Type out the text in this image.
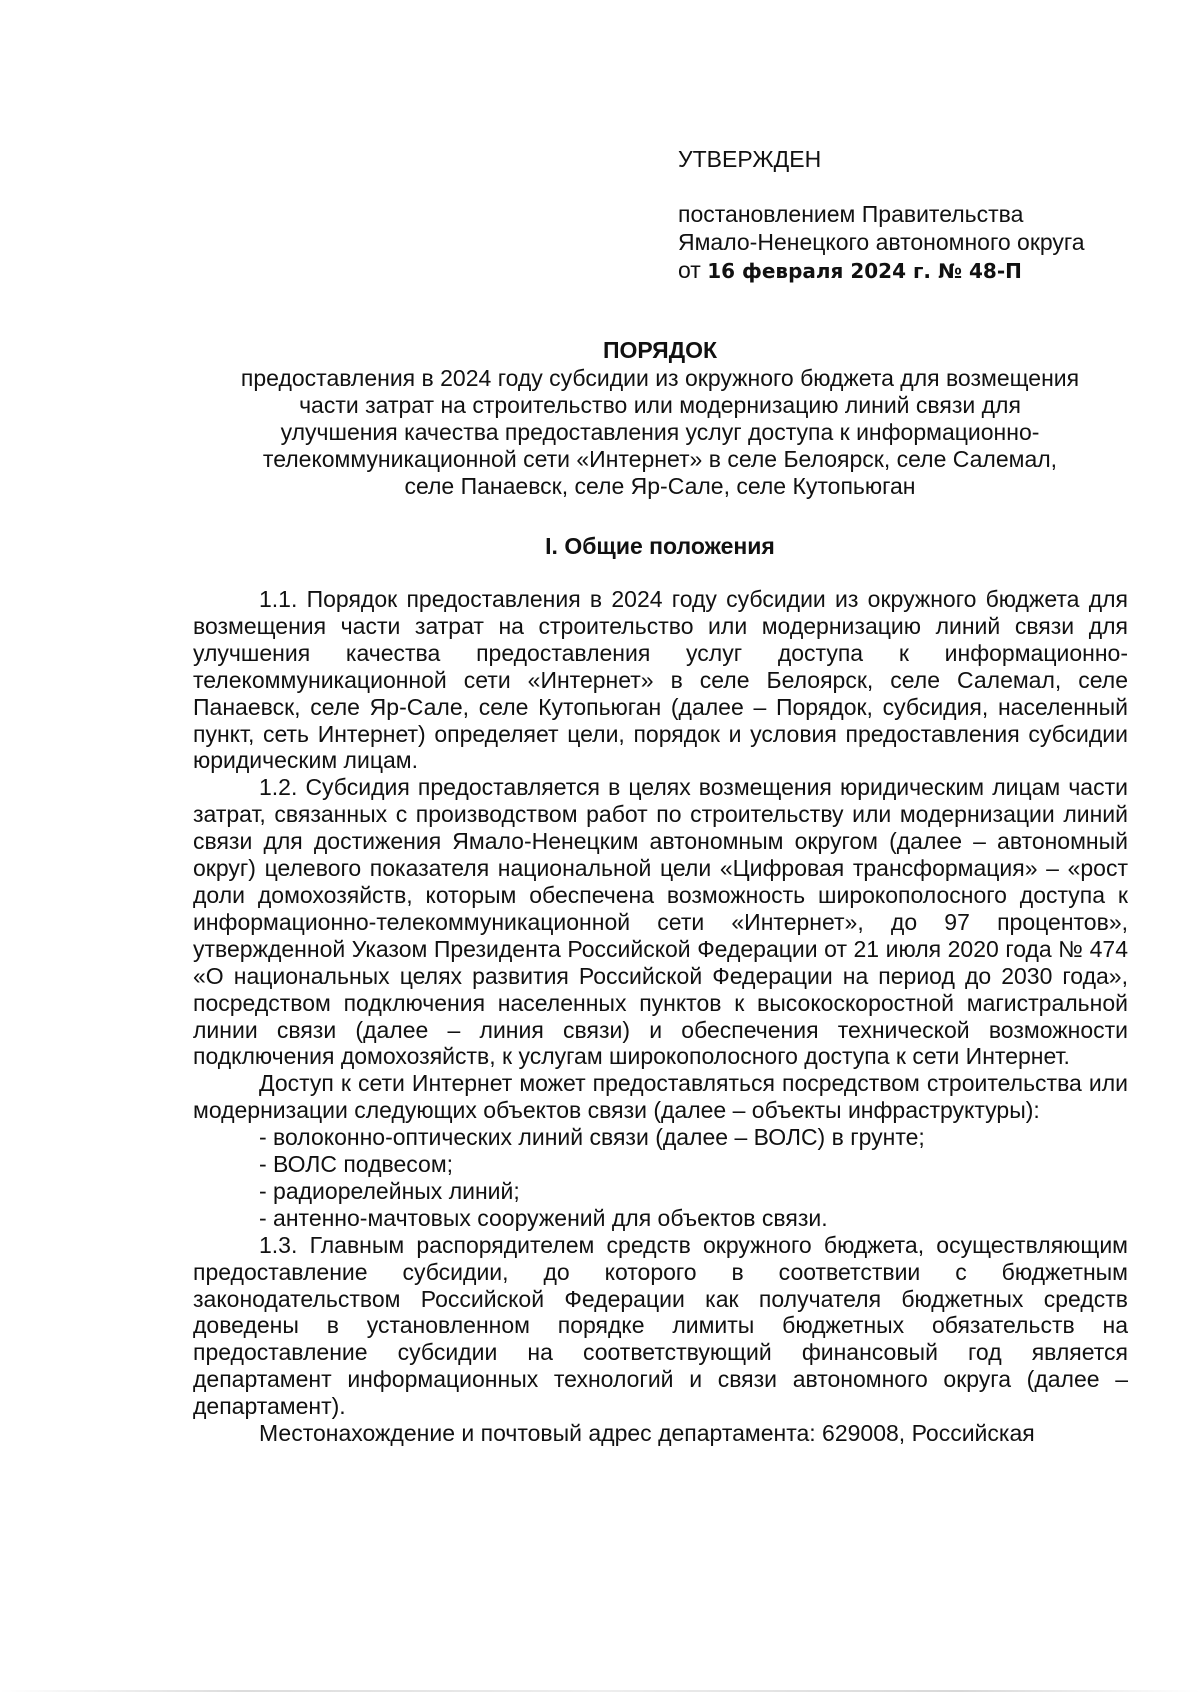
УТВЕРЖДЕН
постановлением Правительства
Ямало-Ненецкого автономного округа
от 16 февраля 2024 г. № 48-П
ПОРЯДОК
предоставления в 2024 году субсидии из окружного бюджета для возмещения
части затрат на строительство или модернизацию линий связи для
улучшения качества предоставления услуг доступа к информационно-
телекоммуникационной сети «Интернет» в селе Белоярск, селе Салемал,
селе Панаевск, селе Яр-Сале, селе Кутопьюган
I. Общие положения

1.1. Порядок предоставления в 2024 году субсидии из окружного бюджета для возмещения части затрат на строительство или модернизацию линий связи для улучшения качества предоставления услуг доступа к информационно-телекоммуникационной сети «Интернет» в селе Белоярск, селе Салемал, селе Панаевск, селе Яр-Сале, селе Кутопьюган (далее – Порядок, субсидия, населенный пункт, сеть Интернет) определяет цели, порядок и условия предоставления субсидии юридическим лицам.

1.2. Субсидия предоставляется в целях возмещения юридическим лицам части затрат, связанных с производством работ по строительству или модернизации линий связи для достижения Ямало-Ненецким автономным округом (далее – автономный округ) целевого показателя национальной цели «Цифровая трансформация» – «рост доли домохозяйств, которым обеспечена возможность широкополосного доступа к информационно-телекоммуникационной сети «Интернет», до 97 процентов», утвержденной Указом Президента Российской Федерации от 21 июля 2020 года № 474 «О национальных целях развития Российской Федерации на период до 2030 года», посредством подключения населенных пунктов к высокоскоростной магистральной линии связи (далее – линия связи) и обеспечения технической возможности подключения домохозяйств, к услугам широкополосного доступа к сети Интернет.

Доступ к сети Интернет может предоставляться посредством строительства или модернизации следующих объектов связи (далее – объекты инфраструктуры):

- волоконно-оптических линий связи (далее – ВОЛС) в грунте;

- ВОЛС подвесом;

- радиорелейных линий;

- антенно-мачтовых сооружений для объектов связи.

1.3. Главным распорядителем средств окружного бюджета, осуществляющим предоставление субсидии, до которого в соответствии с бюджетным законодательством Российской Федерации как получателя бюджетных средств доведены в установленном порядке лимиты бюджетных обязательств на предоставление субсидии на соответствующий финансовый год является департамент информационных технологий и связи автономного округа (далее – департамент).

Местонахождение и почтовый адрес департамента: 629008, Российская
